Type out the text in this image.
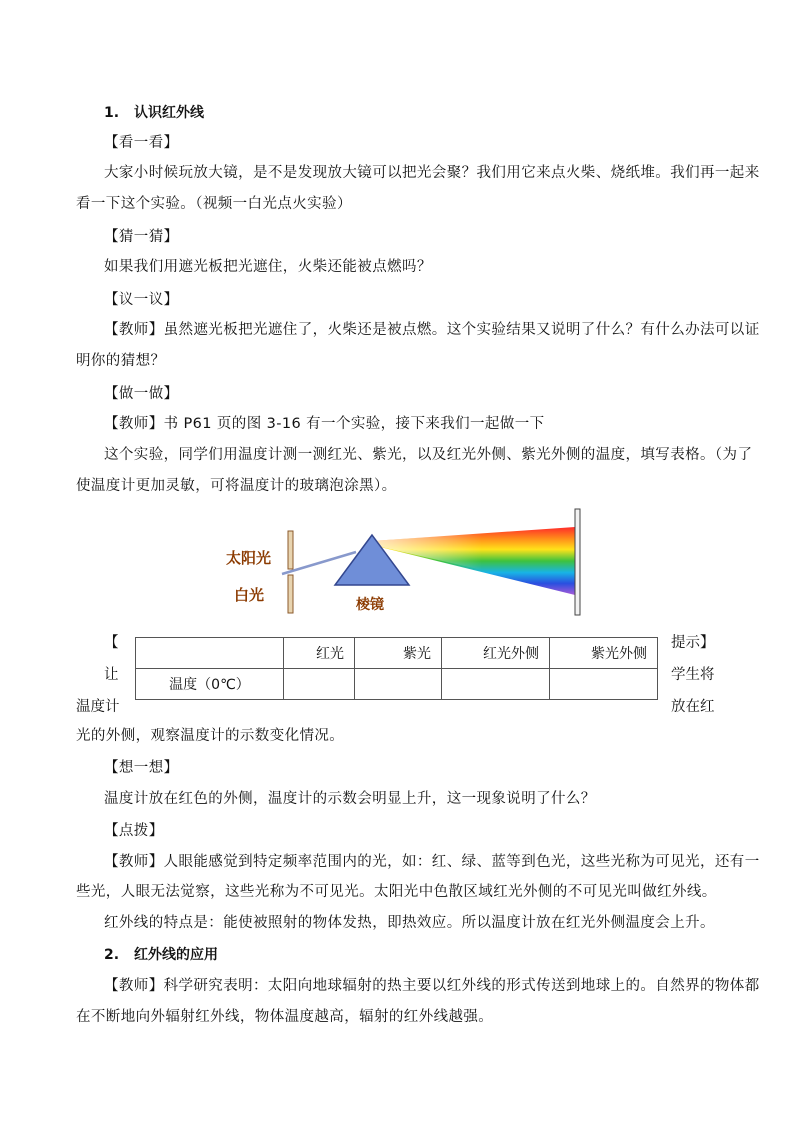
1. 认识红外线
【看一看】
大家小时候玩放大镜，是不是发现放大镜可以把光会聚？我们用它来点火柴、烧纸堆。我们再一起来
看一下这个实验。（视频一白光点火实验）
【猜一猜】
如果我们用遮光板把光遮住，火柴还能被点燃吗？
【议一议】
【教师】虽然遮光板把光遮住了，火柴还是被点燃。这个实验结果又说明了什么？有什么办法可以证
明你的猜想？
【做一做】
【教师】书 P61 页的图 3-16 有一个实验，接下来我们一起做一下
这个实验，同学们用温度计测一测红光、紫光，以及红光外侧、紫光外侧的温度，填写表格。（为了
使温度计更加灵敏，可将温度计的玻璃泡涂黑）。
太阳光
白光
棱镜
【
让
温度计
提示】
学生将
放在红
	红光	紫光	红光外侧	紫光外侧
温度（0℃）				
光的外侧，观察温度计的示数变化情况。
【想一想】
温度计放在红色的外侧，温度计的示数会明显上升，这一现象说明了什么？
【点拨】
【教师】人眼能感觉到特定频率范围内的光，如：红、绿、蓝等到色光，这些光称为可见光，还有一
些光，人眼无法觉察，这些光称为不可见光。太阳光中色散区域红光外侧的不可见光叫做红外线。
红外线的特点是：能使被照射的物体发热，即热效应。所以温度计放在红光外侧温度会上升。
2. 红外线的应用
【教师】科学研究表明：太阳向地球辐射的热主要以红外线的形式传送到地球上的。自然界的物体都
在不断地向外辐射红外线，物体温度越高，辐射的红外线越强。
